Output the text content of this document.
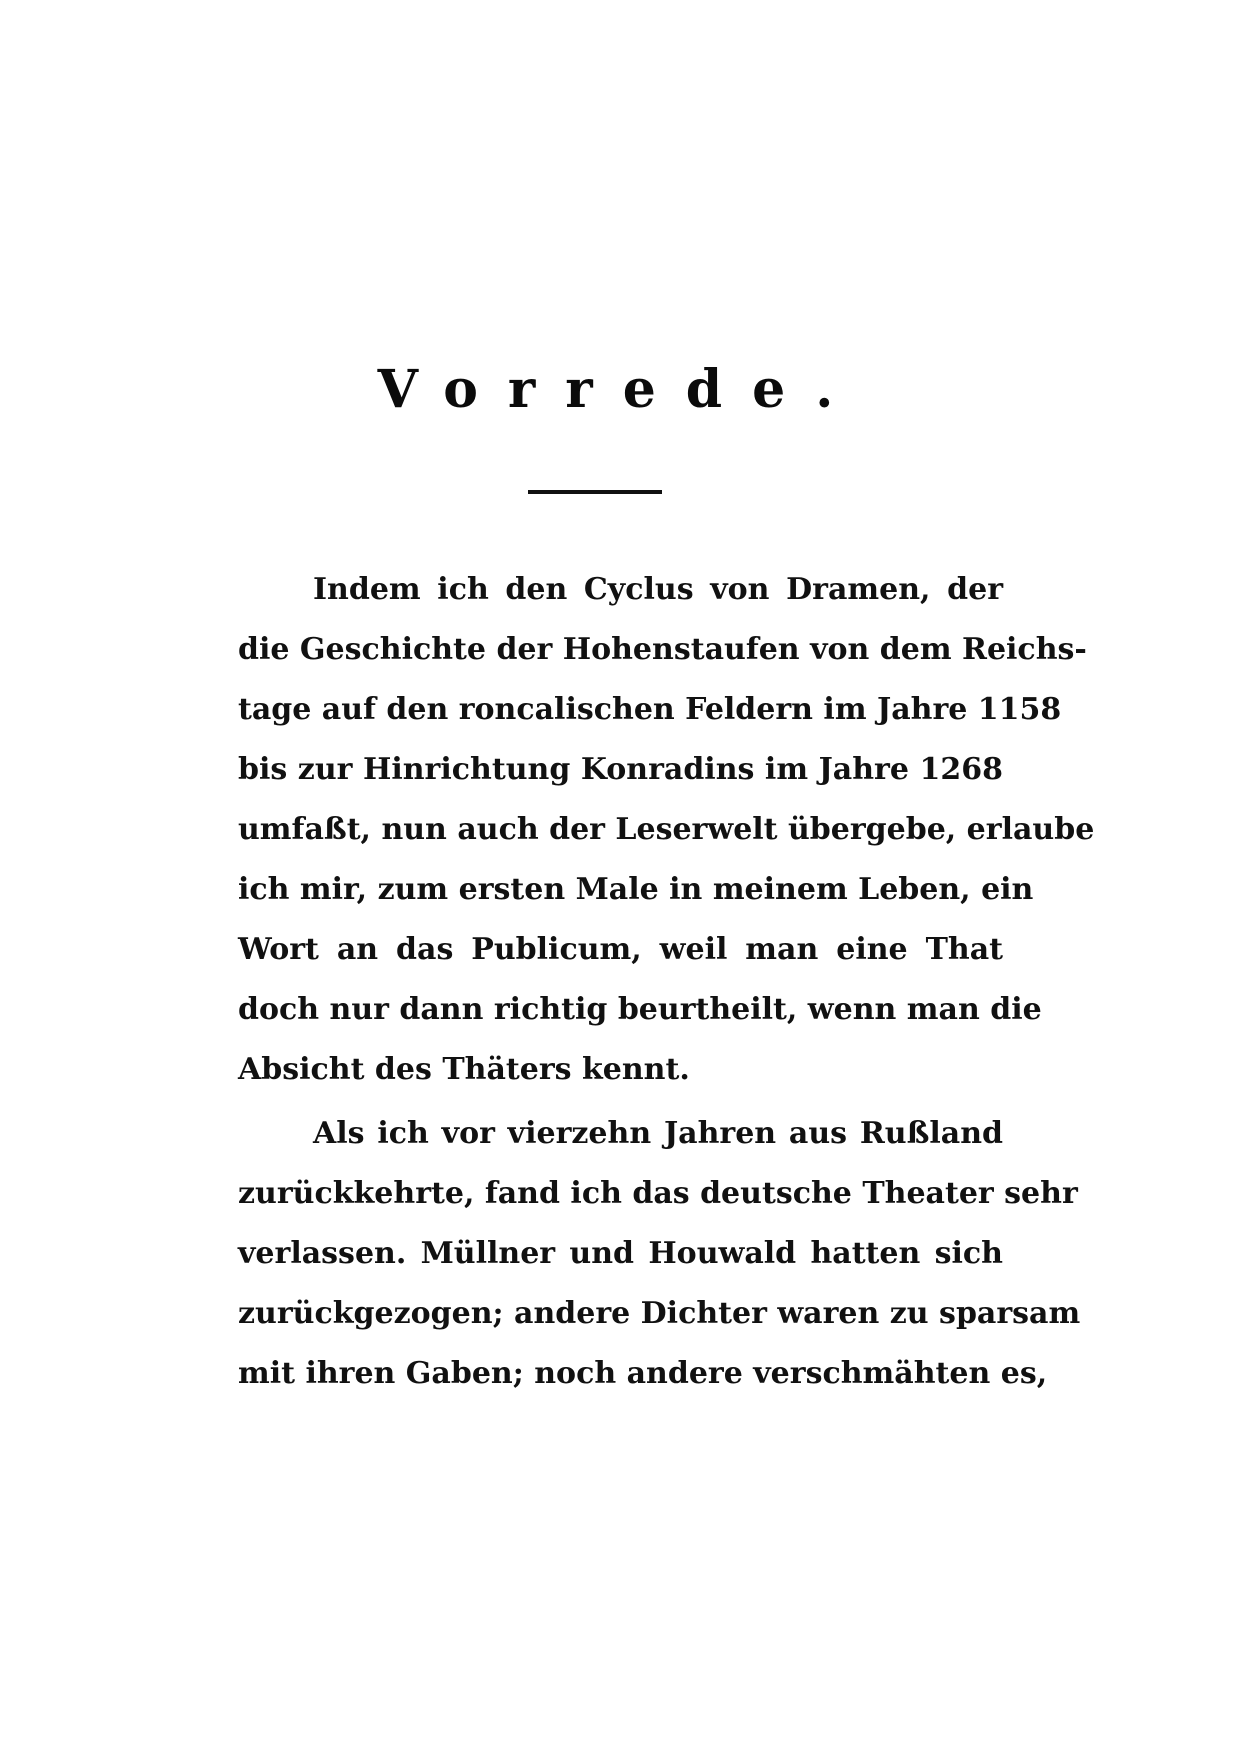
Vorrede.
Indem ich den Cyclus von Dramen, der
die Geschichte der Hohenstaufen von dem Reichs-
tage auf den roncalischen Feldern im Jahre 1158
bis zur Hinrichtung Konradins im Jahre 1268
umfaßt, nun auch der Leserwelt übergebe, erlaube
ich mir, zum ersten Male in meinem Leben, ein
Wort an das Publicum, weil man eine That
doch nur dann richtig beurtheilt, wenn man die
Absicht des Thäters kennt.
Als ich vor vierzehn Jahren aus Rußland
zurückkehrte, fand ich das deutsche Theater sehr
verlassen. Müllner und Houwald hatten sich
zurückgezogen; andere Dichter waren zu sparsam
mit ihren Gaben; noch andere verschmähten es,
